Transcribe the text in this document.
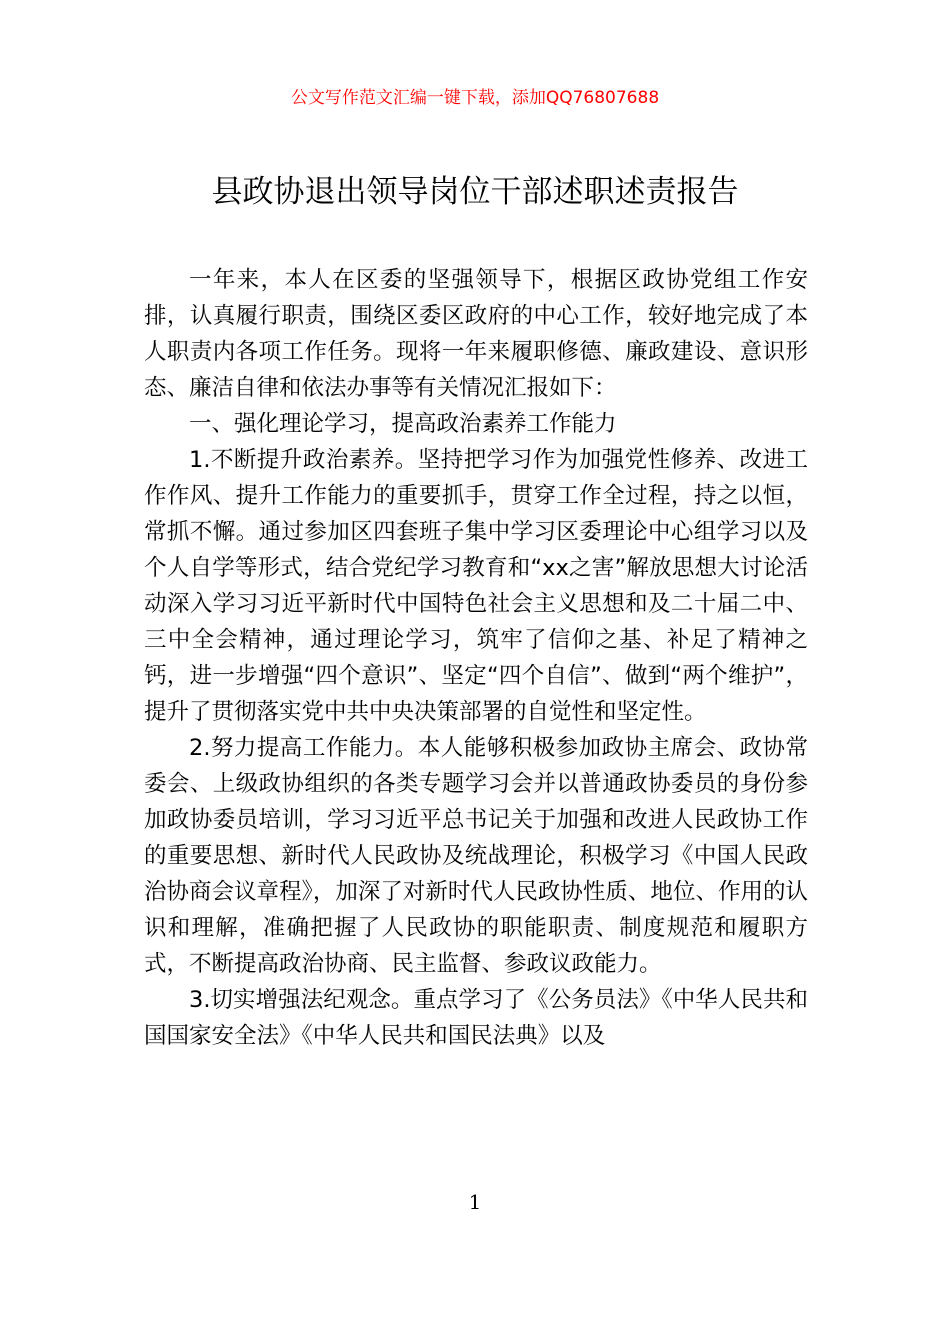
公文写作范文汇编一键下载，添加QQ76807688
县政协退出领导岗位干部述职述责报告

一年来，本人在区委的坚强领导下，根据区政协党组工作安排，认真履行职责，围绕区委区政府的中心工作，较好地完成了本人职责内各项工作任务。现将一年来履职修德、廉政建设、意识形态、廉洁自律和依法办事等有关情况汇报如下：

一、强化理论学习，提高政治素养工作能力

1.不断提升政治素养。坚持把学习作为加强党性修养、改进工作作风、提升工作能力的重要抓手，贯穿工作全过程，持之以恒，常抓不懈。通过参加区四套班子集中学习区委理论中心组学习以及个人自学等形式，结合党纪学习教育和“xx之害”解放思想大讨论活动深入学习习近平新时代中国特色社会主义思想和及二十届二中、三中全会精神，通过理论学习，筑牢了信仰之基、补足了精神之钙，进一步增强“四个意识”、坚定“四个自信”、做到“两个维护”，提升了贯彻落实党中共中央决策部署的自觉性和坚定性。

2.努力提高工作能力。本人能够积极参加政协主席会、政协常委会、上级政协组织的各类专题学习会并以普通政协委员的身份参加政协委员培训，学习习近平总书记关于加强和改进人民政协工作的重要思想、新时代人民政协及统战理论，积极学习《中国人民政治协商会议章程》，加深了对新时代人民政协性质、地位、作用的认识和理解，准确把握了人民政协的职能职责、制度规范和履职方式，不断提高政治协商、民主监督、参政议政能力。

3.切实增强法纪观念。重点学习了《公务员法》《中华人民共和国国家安全法》《中华人民共和国民法典》以及

1
